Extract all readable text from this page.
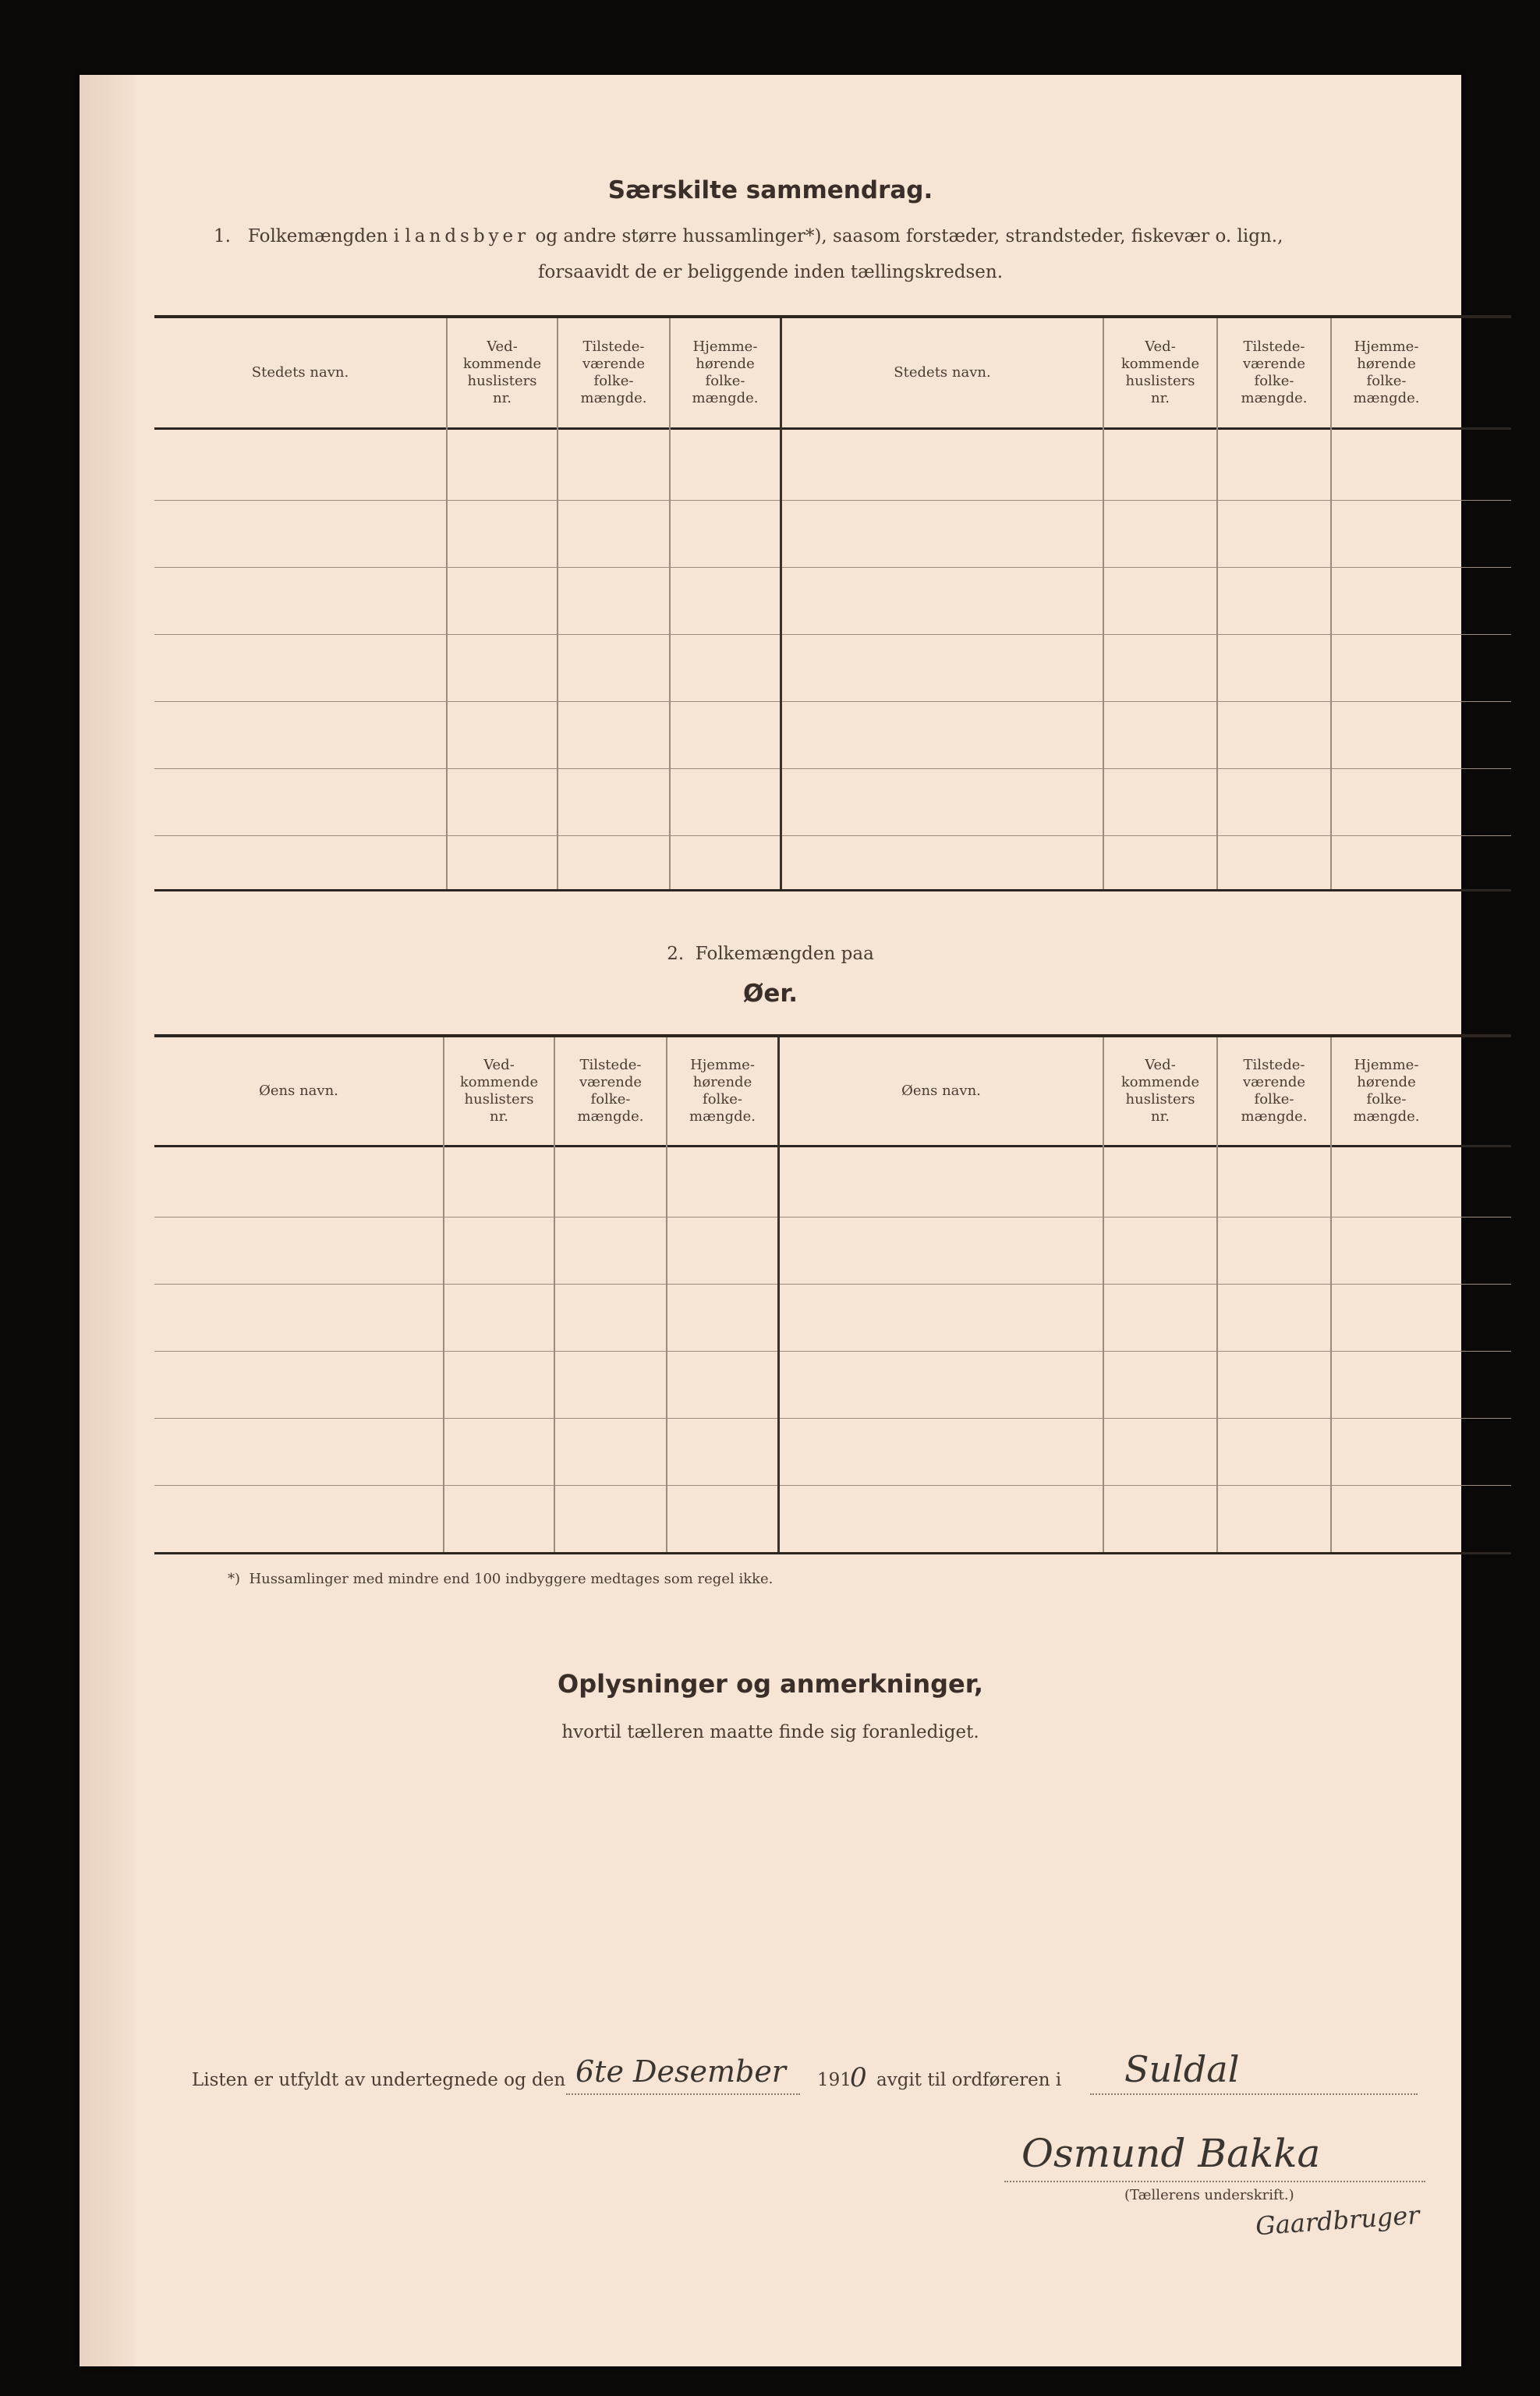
Særskilte sammendrag.
1. Folkemængden i landsbyer og andre større hussamlinger*), saasom forstæder, strandsteder, fiskevær o. lign.,
forsaavidt de er beliggende inden tællingskredsen.
Stedets navn.
Ved-
kommende
huslisters
nr.
Tilstede-
værende
folke-
mængde.
Hjemme-
hørende
folke-
mængde.
Stedets navn.
Ved-
kommende
huslisters
nr.
Tilstede-
værende
folke-
mængde.
Hjemme-
hørende
folke-
mængde.
2.  Folkemængden paa
Øer.
Øens navn.
Ved-
kommende
huslisters
nr.
Tilstede-
værende
folke-
mængde.
Hjemme-
hørende
folke-
mængde.
Øens navn.
Ved-
kommende
huslisters
nr.
Tilstede-
værende
folke-
mængde.
Hjemme-
hørende
folke-
mængde.
*)  Hussamlinger med mindre end 100 indbyggere medtages som regel ikke.
Oplysninger og anmerkninger,
hvortil tælleren maatte finde sig foranlediget.
Listen er utfyldt av undertegnede og den 6te Desember 191
0 avgit til ordføreren i Suldal
Osmund Bakka
(Tællerens underskrift.)
Gaardbruger
